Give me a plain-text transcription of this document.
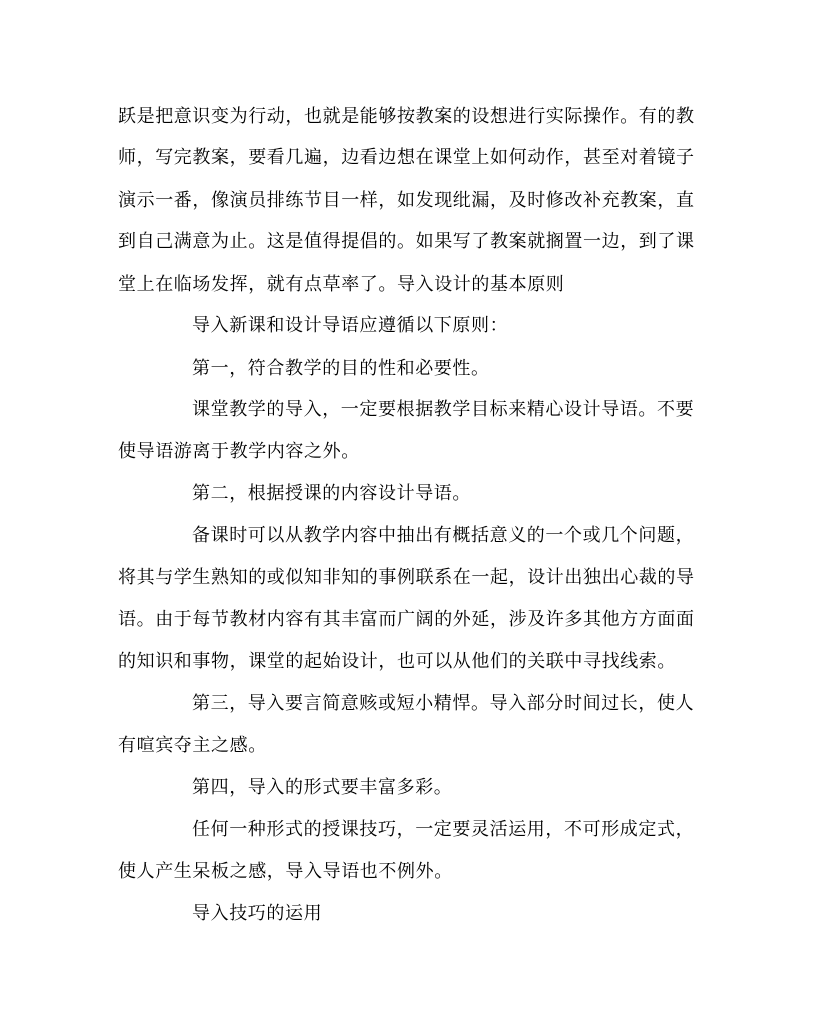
跃是把意识变为行动，也就是能够按教案的设想进行实际操作。有的教
师，写完教案，要看几遍，边看边想在课堂上如何动作，甚至对着镜子
演示一番，像演员排练节目一样，如发现纰漏，及时修改补充教案，直
到自己满意为止。这是值得提倡的。如果写了教案就搁置一边，到了课
堂上在临场发挥，就有点草率了。导入设计的基本原则
导入新课和设计导语应遵循以下原则：
第一，符合教学的目的性和必要性。
课堂教学的导入，一定要根据教学目标来精心设计导语。不要
使导语游离于教学内容之外。
第二，根据授课的内容设计导语。
备课时可以从教学内容中抽出有概括意义的一个或几个问题，
将其与学生熟知的或似知非知的事例联系在一起，设计出独出心裁的导
语。由于每节教材内容有其丰富而广阔的外延，涉及许多其他方方面面
的知识和事物，课堂的起始设计，也可以从他们的关联中寻找线索。
第三，导入要言简意赅或短小精悍。导入部分时间过长，使人
有喧宾夺主之感。
第四，导入的形式要丰富多彩。
任何一种形式的授课技巧，一定要灵活运用，不可形成定式，
使人产生呆板之感，导入导语也不例外。
导入技巧的运用
